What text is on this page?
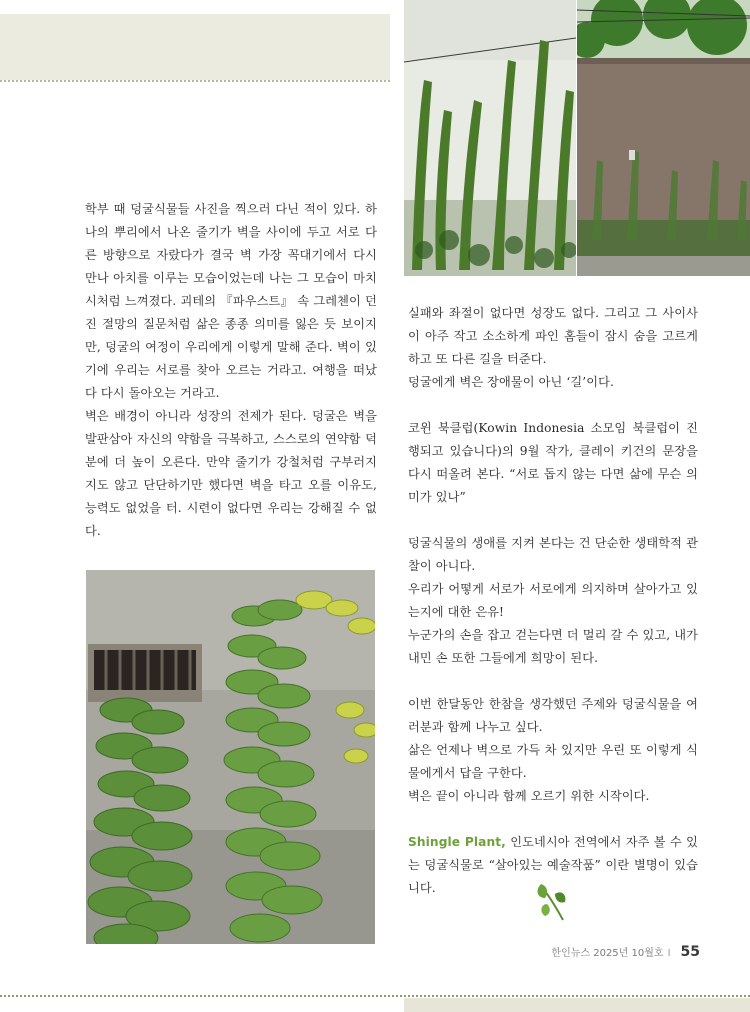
학부 때 덩굴식물들 사진을 찍으러 다닌 적이 있다. 하나의 뿌리에서 나온 줄기가 벽을 사이에 두고 서로 다른 방향으로 자랐다가 결국 벽 가장 꼭대기에서 다시 만나 아치를 이루는 모습이었는데 나는 그 모습이 마치 시처럼 느껴졌다. 괴테의 『파우스트』 속 그레첸이 던진 절망의 질문처럼 삶은 종종 의미를 잃은 듯 보이지만, 덩굴의 여정이 우리에게 이렇게 말해 준다. 벽이 있기에 우리는 서로를 찾아 오르는 거라고. 여행을 떠났다 다시 돌아오는 거라고.

벽은 배경이 아니라 성장의 전제가 된다. 덩굴은 벽을 발판삼아 자신의 약함을 극복하고, 스스로의 연약함 덕분에 더 높이 오른다. 만약 줄기가 강철처럼 구부러지지도 않고 단단하기만 했다면 벽을 타고 오를 이유도, 능력도 없었을 터. 시련이 없다면 우리는 강해질 수 없다.

실패와 좌절이 없다면 성장도 없다. 그리고 그 사이사이 아주 작고 소소하게 파인 홈들이 잠시 숨을 고르게 하고 또 다른 길을 터준다.

덩굴에게 벽은 장애물이 아닌 ‘길’이다.

코윈 북클럽(Kowin Indonesia 소모임 북클럽이 진행되고 있습니다)의 9월 작가, 클레이 키건의 문장을 다시 떠올려 본다. “서로 돕지 않는 다면 삶에 무슨 의미가 있나”

덩굴식물의 생애를 지켜 본다는 건 단순한 생태학적 관찰이 아니다.

우리가 어떻게 서로가 서로에게 의지하며 살아가고 있는지에 대한 은유!

누군가의 손을 잡고 걷는다면 더 멀리 갈 수 있고, 내가 내민 손 또한 그들에게 희망이 된다.

이번 한달동안 한참을 생각했던 주제와 덩굴식물을 여러분과 함께 나누고 싶다.

삶은 언제나 벽으로 가득 차 있지만 우린 또 이렇게 식물에게서 답을 구한다.

벽은 끝이 아니라 함께 오르기 위한 시작이다.

Shingle Plant, 인도네시아 전역에서 자주 볼 수 있는 덩굴식물로 “살아있는 예술작품” 이란 별명이 있습니다.

한인뉴스 2025년 10월호 I 55
